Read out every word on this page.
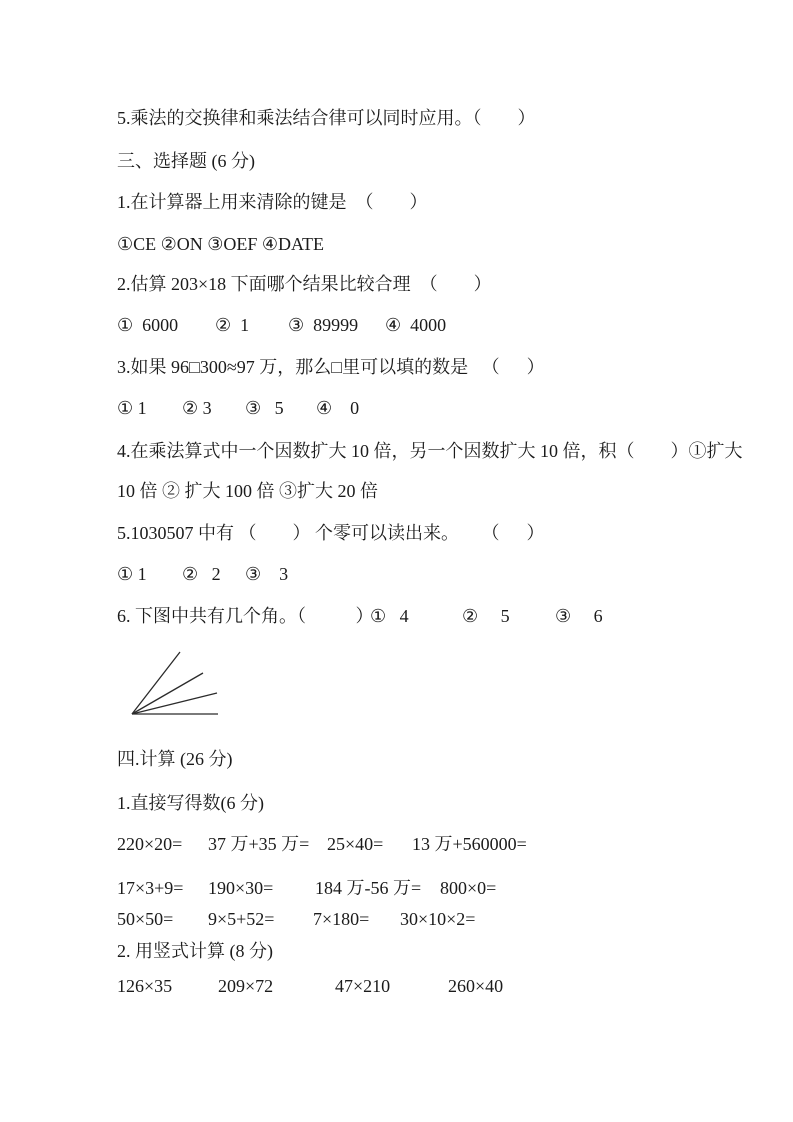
5.乘法的交换律和乘法结合律可以同时应用。（        ）
三、选择题 (6 分)
1.在计算器上用来清除的键是  （        ）
①CE ②ON ③OEF ④DATE
2.估算 203×18 下面哪个结果比较合理  （        ）
①  6000 ②  1 ③  89999 ④  4000
3.如果 96□300≈97 万，那么□里可以填的数是   （      ）
① 1 ② 3 ③   5 ④    0
4.在乘法算式中一个因数扩大 10 倍，另一个因数扩大 10 倍，积（        ）①扩大
10 倍 ② 扩大 100 倍 ③扩大 20 倍
5.1030507 中有 （        ） 个零可以读出来。     （      ）
① 1 ②   2 ③    3
6. 下图中共有几个角。（           ）
①   4	②     5	③     6
四.计算 (26 分)
1.直接写得数(6 分)
220×20= 37 万+35 万= 25×40= 13 万+560000=
17×3+9= 190×30= 184 万-56 万= 800×0=
50×50= 9×5+52= 7×180= 30×10×2=
2. 用竖式计算 (8 分)
126×35	209×72	47×210	260×40
